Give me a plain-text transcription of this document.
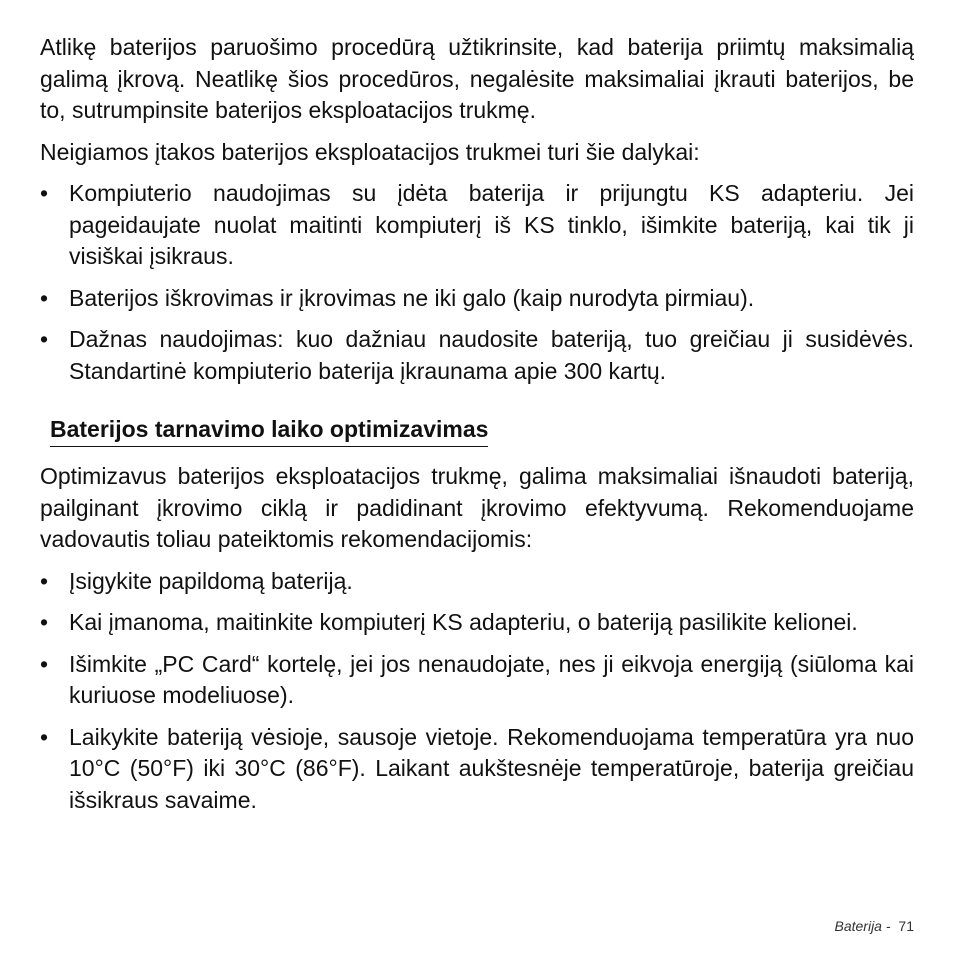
Atlikę baterijos paruošimo procedūrą užtikrinsite, kad baterija priimtų maksimalią galimą įkrovą. Neatlikę šios procedūros, negalėsite maksimaliai įkrauti baterijos, be to, sutrumpinsite baterijos eksploatacijos trukmę.

Neigiamos įtakos baterijos eksploatacijos trukmei turi šie dalykai:

• Kompiuterio naudojimas su įdėta baterija ir prijungtu KS adapteriu. Jei pageidaujate nuolat maitinti kompiuterį iš KS tinklo, išimkite bateriją, kai tik ji visiškai įsikraus.
• Baterijos iškrovimas ir įkrovimas ne iki galo (kaip nurodyta pirmiau).
• Dažnas naudojimas: kuo dažniau naudosite bateriją, tuo greičiau ji susidėvės. Standartinė kompiuterio baterija įkraunama apie 300 kartų.
Baterijos tarnavimo laiko optimizavimas

Optimizavus baterijos eksploatacijos trukmę, galima maksimaliai išnaudoti bateriją, pailginant įkrovimo ciklą ir padidinant įkrovimo efektyvumą. Rekomenduojame vadovautis toliau pateiktomis rekomendacijomis:

• Įsigykite papildomą bateriją.
• Kai įmanoma, maitinkite kompiuterį KS adapteriu, o bateriją pasilikite kelionei.
• Išimkite „PC Card“ kortelę, jei jos nenaudojate, nes ji eikvoja energiją (siūloma kai kuriuose modeliuose).
• Laikykite bateriją vėsioje, sausoje vietoje. Rekomenduojama temperatūra yra nuo 10°C (50°F) iki 30°C (86°F). Laikant aukštesnėje temperatūroje, baterija greičiau išsikraus savaime.
Baterija - 71
